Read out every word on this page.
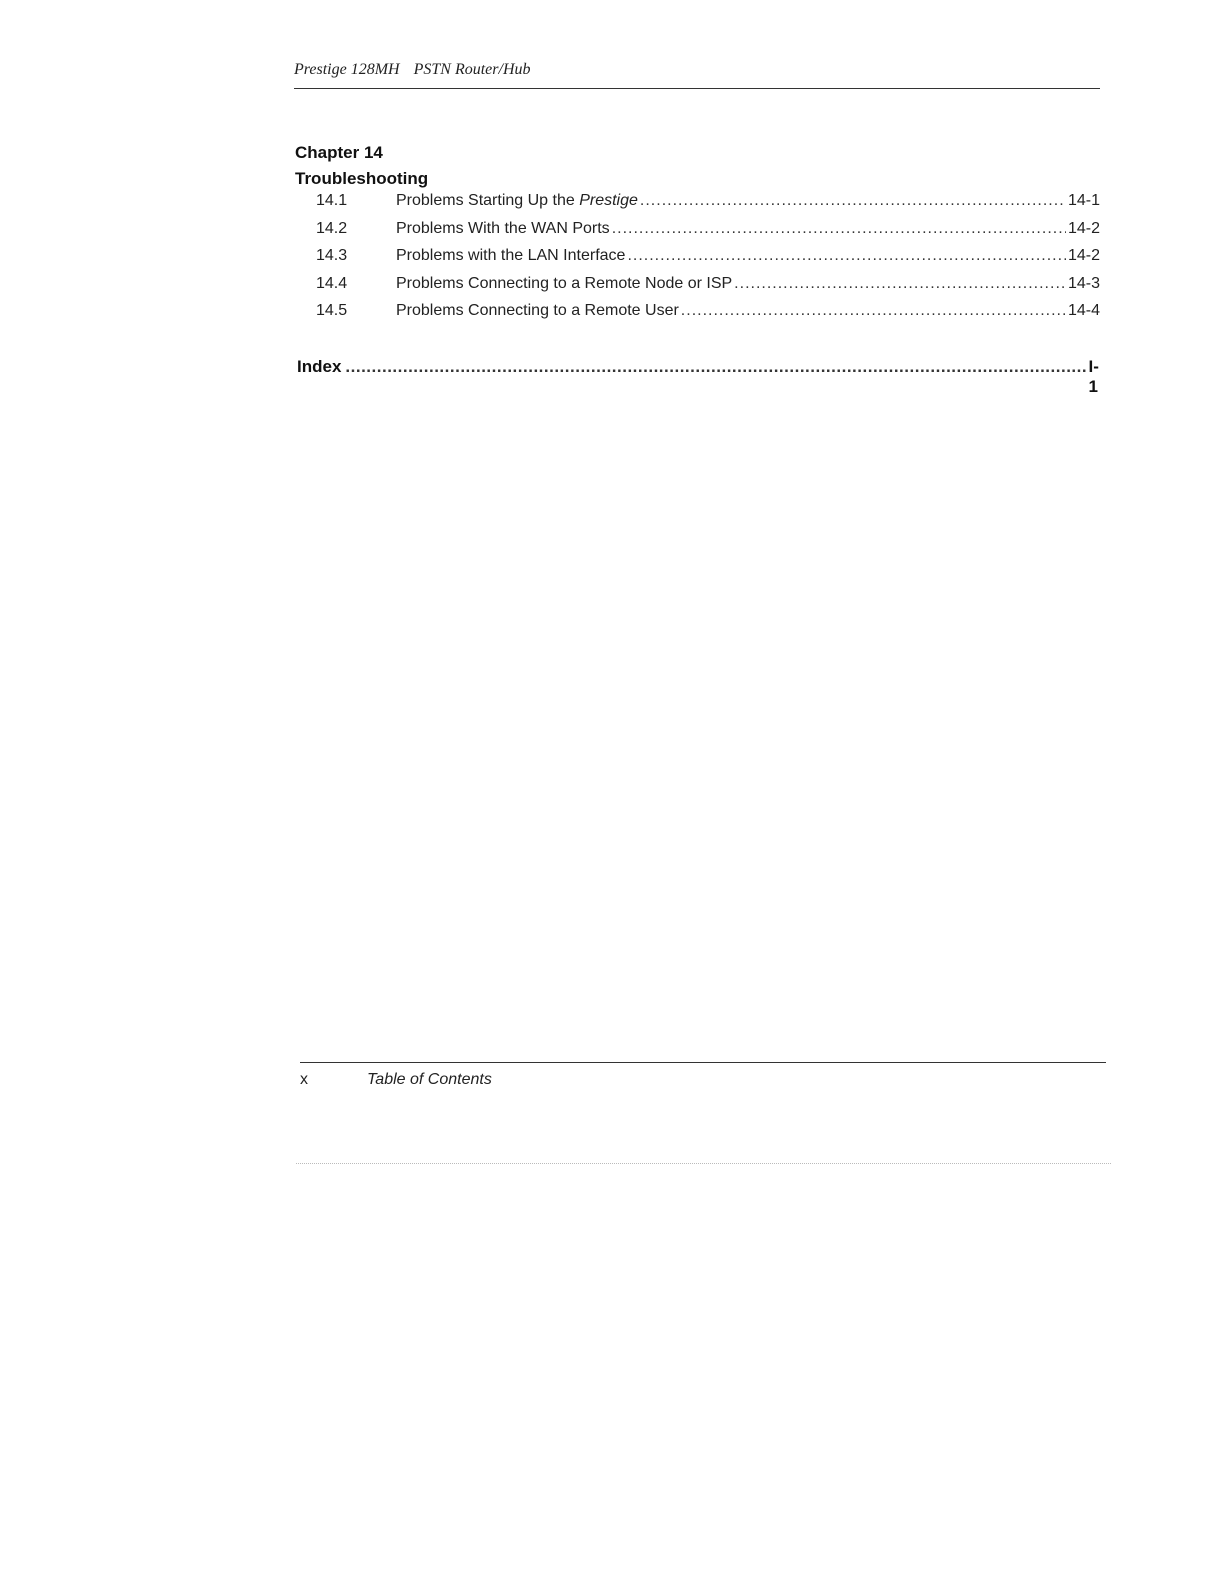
Prestige 128MH PSTN Router/Hub
Chapter 14
Troubleshooting
14.1	Problems Starting Up the Prestige .....	14-1
14.2	Problems With the WAN Ports .....	14-2
14.3	Problems with the LAN Interface .....	14-2
14.4	Problems Connecting to a Remote Node or ISP .....	14-3
14.5	Problems Connecting to a Remote User .....	14-4
Index .....	I-1
x	Table of Contents
